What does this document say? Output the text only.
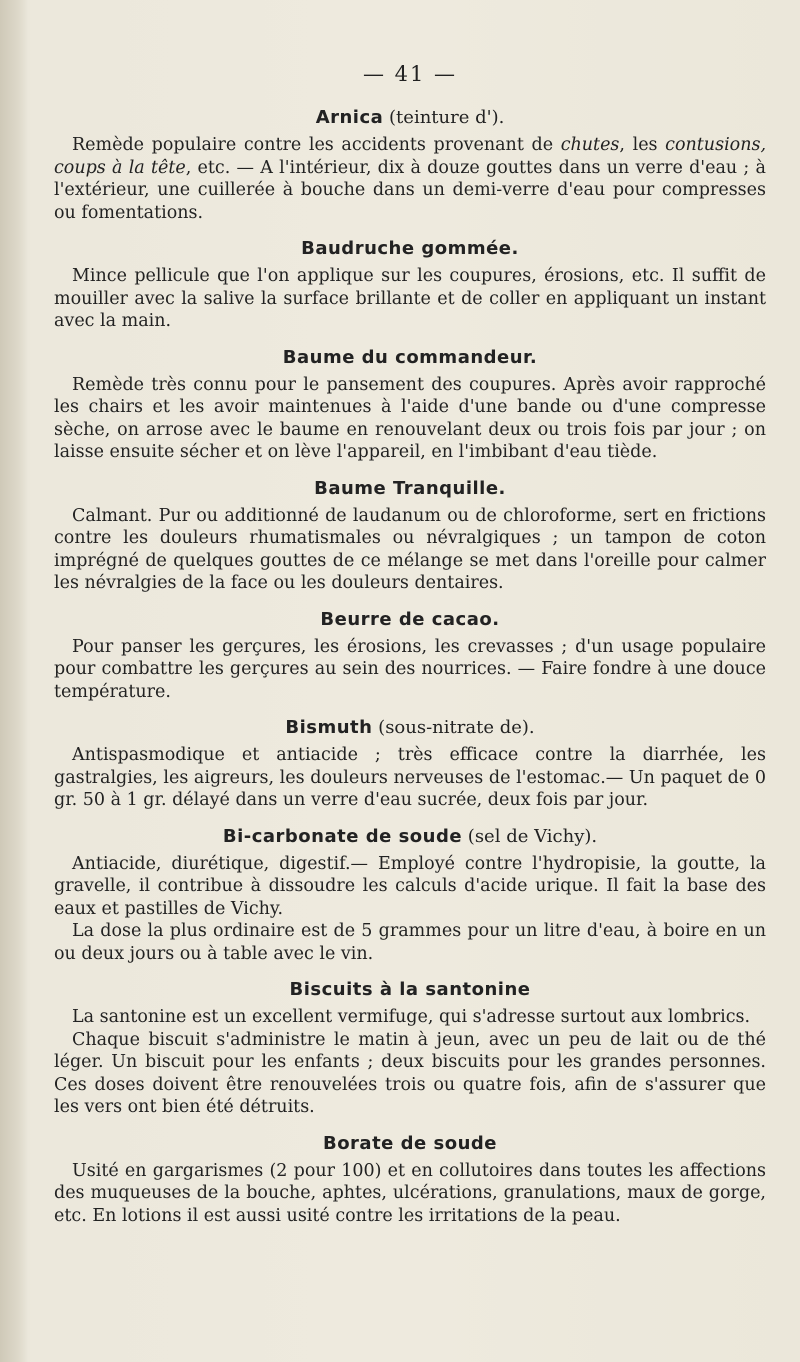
— 41 —
Arnica (teinture d').

Remède populaire contre les accidents provenant de chutes, les contusions, coups à la tête, etc. — A l'intérieur, dix à douze gouttes dans un verre d'eau ; à l'extérieur, une cuillerée à bouche dans un demi-verre d'eau pour compresses ou fomentations.

Baudruche gommée.

Mince pellicule que l'on applique sur les coupures, érosions, etc. Il suffit de mouiller avec la salive la surface brillante et de coller en appliquant un instant avec la main.

Baume du commandeur.

Remède très connu pour le pansement des coupures. Après avoir rapproché les chairs et les avoir maintenues à l'aide d'une bande ou d'une compresse sèche, on arrose avec le baume en renouvelant deux ou trois fois par jour ; on laisse ensuite sécher et on lève l'appareil, en l'imbibant d'eau tiède.

Baume Tranquille.

Calmant. Pur ou additionné de laudanum ou de chloroforme, sert en frictions contre les douleurs rhumatismales ou névralgiques ; un tampon de coton imprégné de quelques gouttes de ce mélange se met dans l'oreille pour calmer les névralgies de la face ou les douleurs dentaires.

Beurre de cacao.

Pour panser les gerçures, les érosions, les crevasses ; d'un usage populaire pour combattre les gerçures au sein des nourrices. — Faire fondre à une douce température.

Bismuth (sous-nitrate de).

Antispasmodique et antiacide ; très efficace contre la diarrhée, les gastralgies, les aigreurs, les douleurs nerveuses de l'estomac.— Un paquet de 0 gr. 50 à 1 gr. délayé dans un verre d'eau sucrée, deux fois par jour.

Bi-carbonate de soude (sel de Vichy).

Antiacide, diurétique, digestif.— Employé contre l'hydropisie, la goutte, la gravelle, il contribue à dissoudre les calculs d'acide urique. Il fait la base des eaux et pastilles de Vichy.

La dose la plus ordinaire est de 5 grammes pour un litre d'eau, à boire en un ou deux jours ou à table avec le vin.

Biscuits à la santonine

La santonine est un excellent vermifuge, qui s'adresse surtout aux lombrics.

Chaque biscuit s'administre le matin à jeun, avec un peu de lait ou de thé léger. Un biscuit pour les enfants ; deux biscuits pour les grandes personnes. Ces doses doivent être renouvelées trois ou quatre fois, afin de s'assurer que les vers ont bien été détruits.

Borate de soude

Usité en gargarismes (2 pour 100) et en collutoires dans toutes les affections des muqueuses de la bouche, aphtes, ulcérations, granulations, maux de gorge, etc. En lotions il est aussi usité contre les irritations de la peau.
